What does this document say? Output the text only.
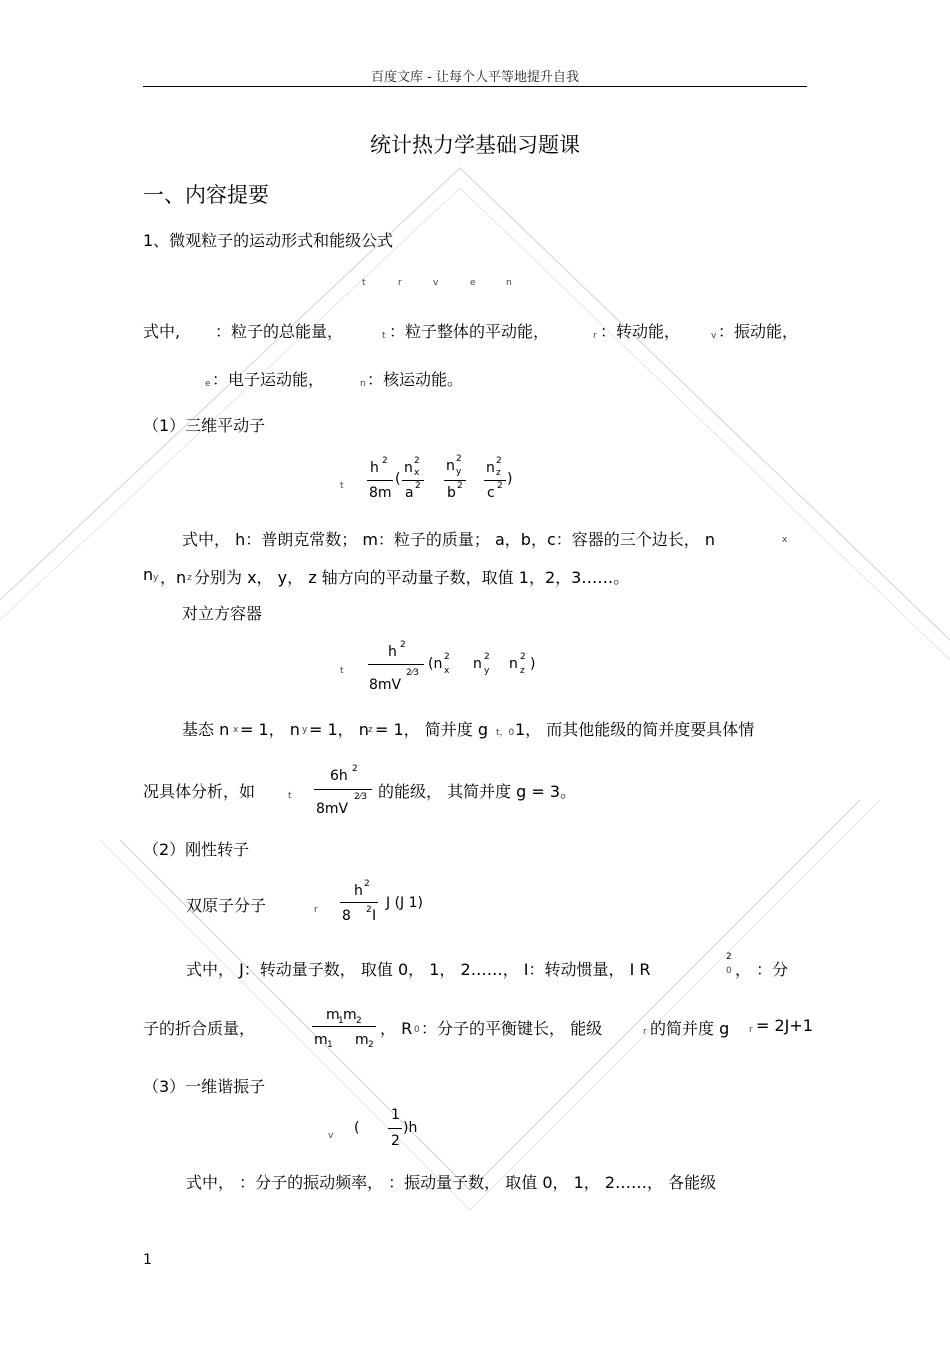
百度文库 - 让每个人平等地提升自我
统计热力学基础习题课
一、内容提要
1、微观粒子的运动形式和能级公式
t	r	v	e	n
式中, ：粒子的总能量，	t ：粒子整体的平动能，	r ：转动能，	v ：振动能，
e ：电子运动能，	n ：核运动能。
（1）三维平动子
t
h 2
8m
(
n 2
x
a 2
n 2
y
b 2
n 2
z
c 2 )
式中， h：普朗克常数； m：粒子的质量； a，b，c：容器的三个边长， n	x
n y ，n z 分别为 x， y， z 轴方向的平动量子数，取值 1，2，3……。
对立方容器
t
h 2
8mV
2⁄3
(n 2
x n 2
y n 2
z )
基态 n x = 1， n y = 1， n z = 1， 简并度 g t，0 1， 而其他能级的简并度要具体情
况具体分析，如	t
6h 2
8mV
2⁄3 的能级， 其简并度 g = 3。
（2）刚性转子
双原子分子	r
h 2
8 2 I
J (J 1)
式中， J：转动量子数， 取值 0， 1， 2……， I：转动惯量， I R
2
0 ， ：分
子的折合质量，
m
1 m 2
m 1 m 2
， R 0 ：分子的平衡键长， 能级	r 的简并度 g r = 2J+1
（3）一维谐振子
v (
1
2
)h
式中， ：分子的振动频率， ：振动量子数， 取值 0， 1， 2……， 各能级
1
